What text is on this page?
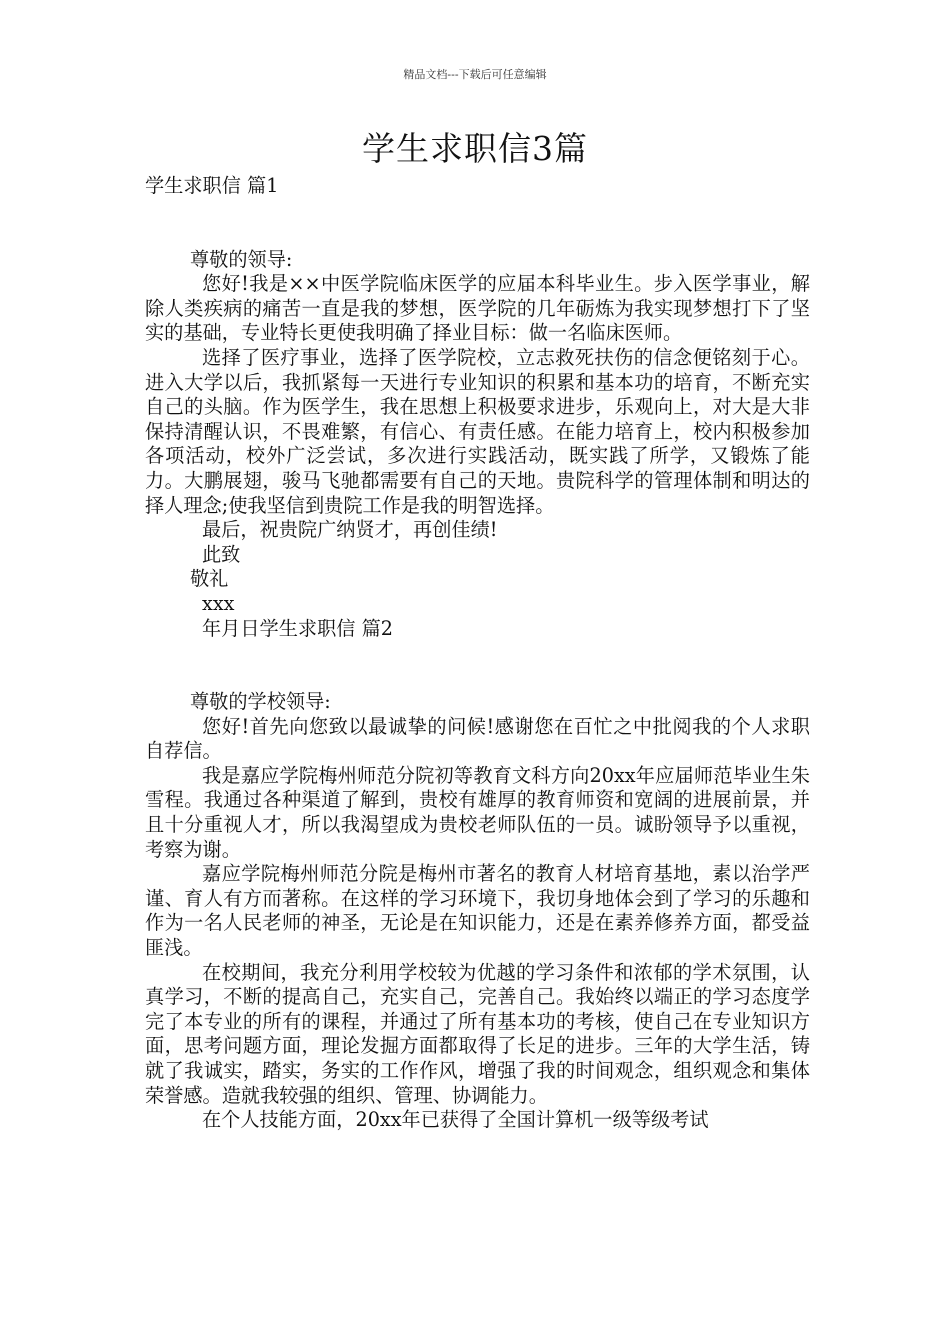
精品文档---下载后可任意编辑
学生求职信3篇

学生求职信 篇1

尊敬的领导:

您好!我是××中医学院临床医学的应届本科毕业生。步入医学事业，解除人类疾病的痛苦一直是我的梦想，医学院的几年砺炼为我实现梦想打下了坚实的基础，专业特长更使我明确了择业目标：做一名临床医师。

选择了医疗事业，选择了医学院校，立志救死扶伤的信念便铭刻于心。进入大学以后，我抓紧每一天进行专业知识的积累和基本功的培育，不断充实自己的头脑。作为医学生，我在思想上积极要求进步，乐观向上，对大是大非保持清醒认识，不畏难繁，有信心、有责任感。在能力培育上，校内积极参加各项活动，校外广泛尝试，多次进行实践活动，既实践了所学，又锻炼了能力。大鹏展翅，骏马飞驰都需要有自己的天地。贵院科学的管理体制和明达的择人理念;使我坚信到贵院工作是我的明智选择。

最后，祝贵院广纳贤才，再创佳绩!

此致

敬礼

xxx

年月日学生求职信 篇2

尊敬的学校领导:

您好!首先向您致以最诚挚的问候!感谢您在百忙之中批阅我的个人求职自荐信。

我是嘉应学院梅州师范分院初等教育文科方向20xx年应届师范毕业生朱雪程。我通过各种渠道了解到，贵校有雄厚的教育师资和宽阔的进展前景，并且十分重视人才，所以我渴望成为贵校老师队伍的一员。诚盼领导予以重视，考察为谢。

嘉应学院梅州师范分院是梅州市著名的教育人材培育基地，素以治学严谨、育人有方而著称。在这样的学习环境下，我切身地体会到了学习的乐趣和作为一名人民老师的神圣，无论是在知识能力，还是在素养修养方面，都受益匪浅。

在校期间，我充分利用学校较为优越的学习条件和浓郁的学术氛围，认真学习，不断的提高自己，充实自己，完善自己。我始终以端正的学习态度学完了本专业的所有的课程，并通过了所有基本功的考核，使自己在专业知识方面，思考问题方面，理论发掘方面都取得了长足的进步。三年的大学生活，铸就了我诚实，踏实，务实的工作作风，增强了我的时间观念，组织观念和集体荣誉感。造就我较强的组织、管理、协调能力。

在个人技能方面，20xx年已获得了全国计算机一级等级考试
